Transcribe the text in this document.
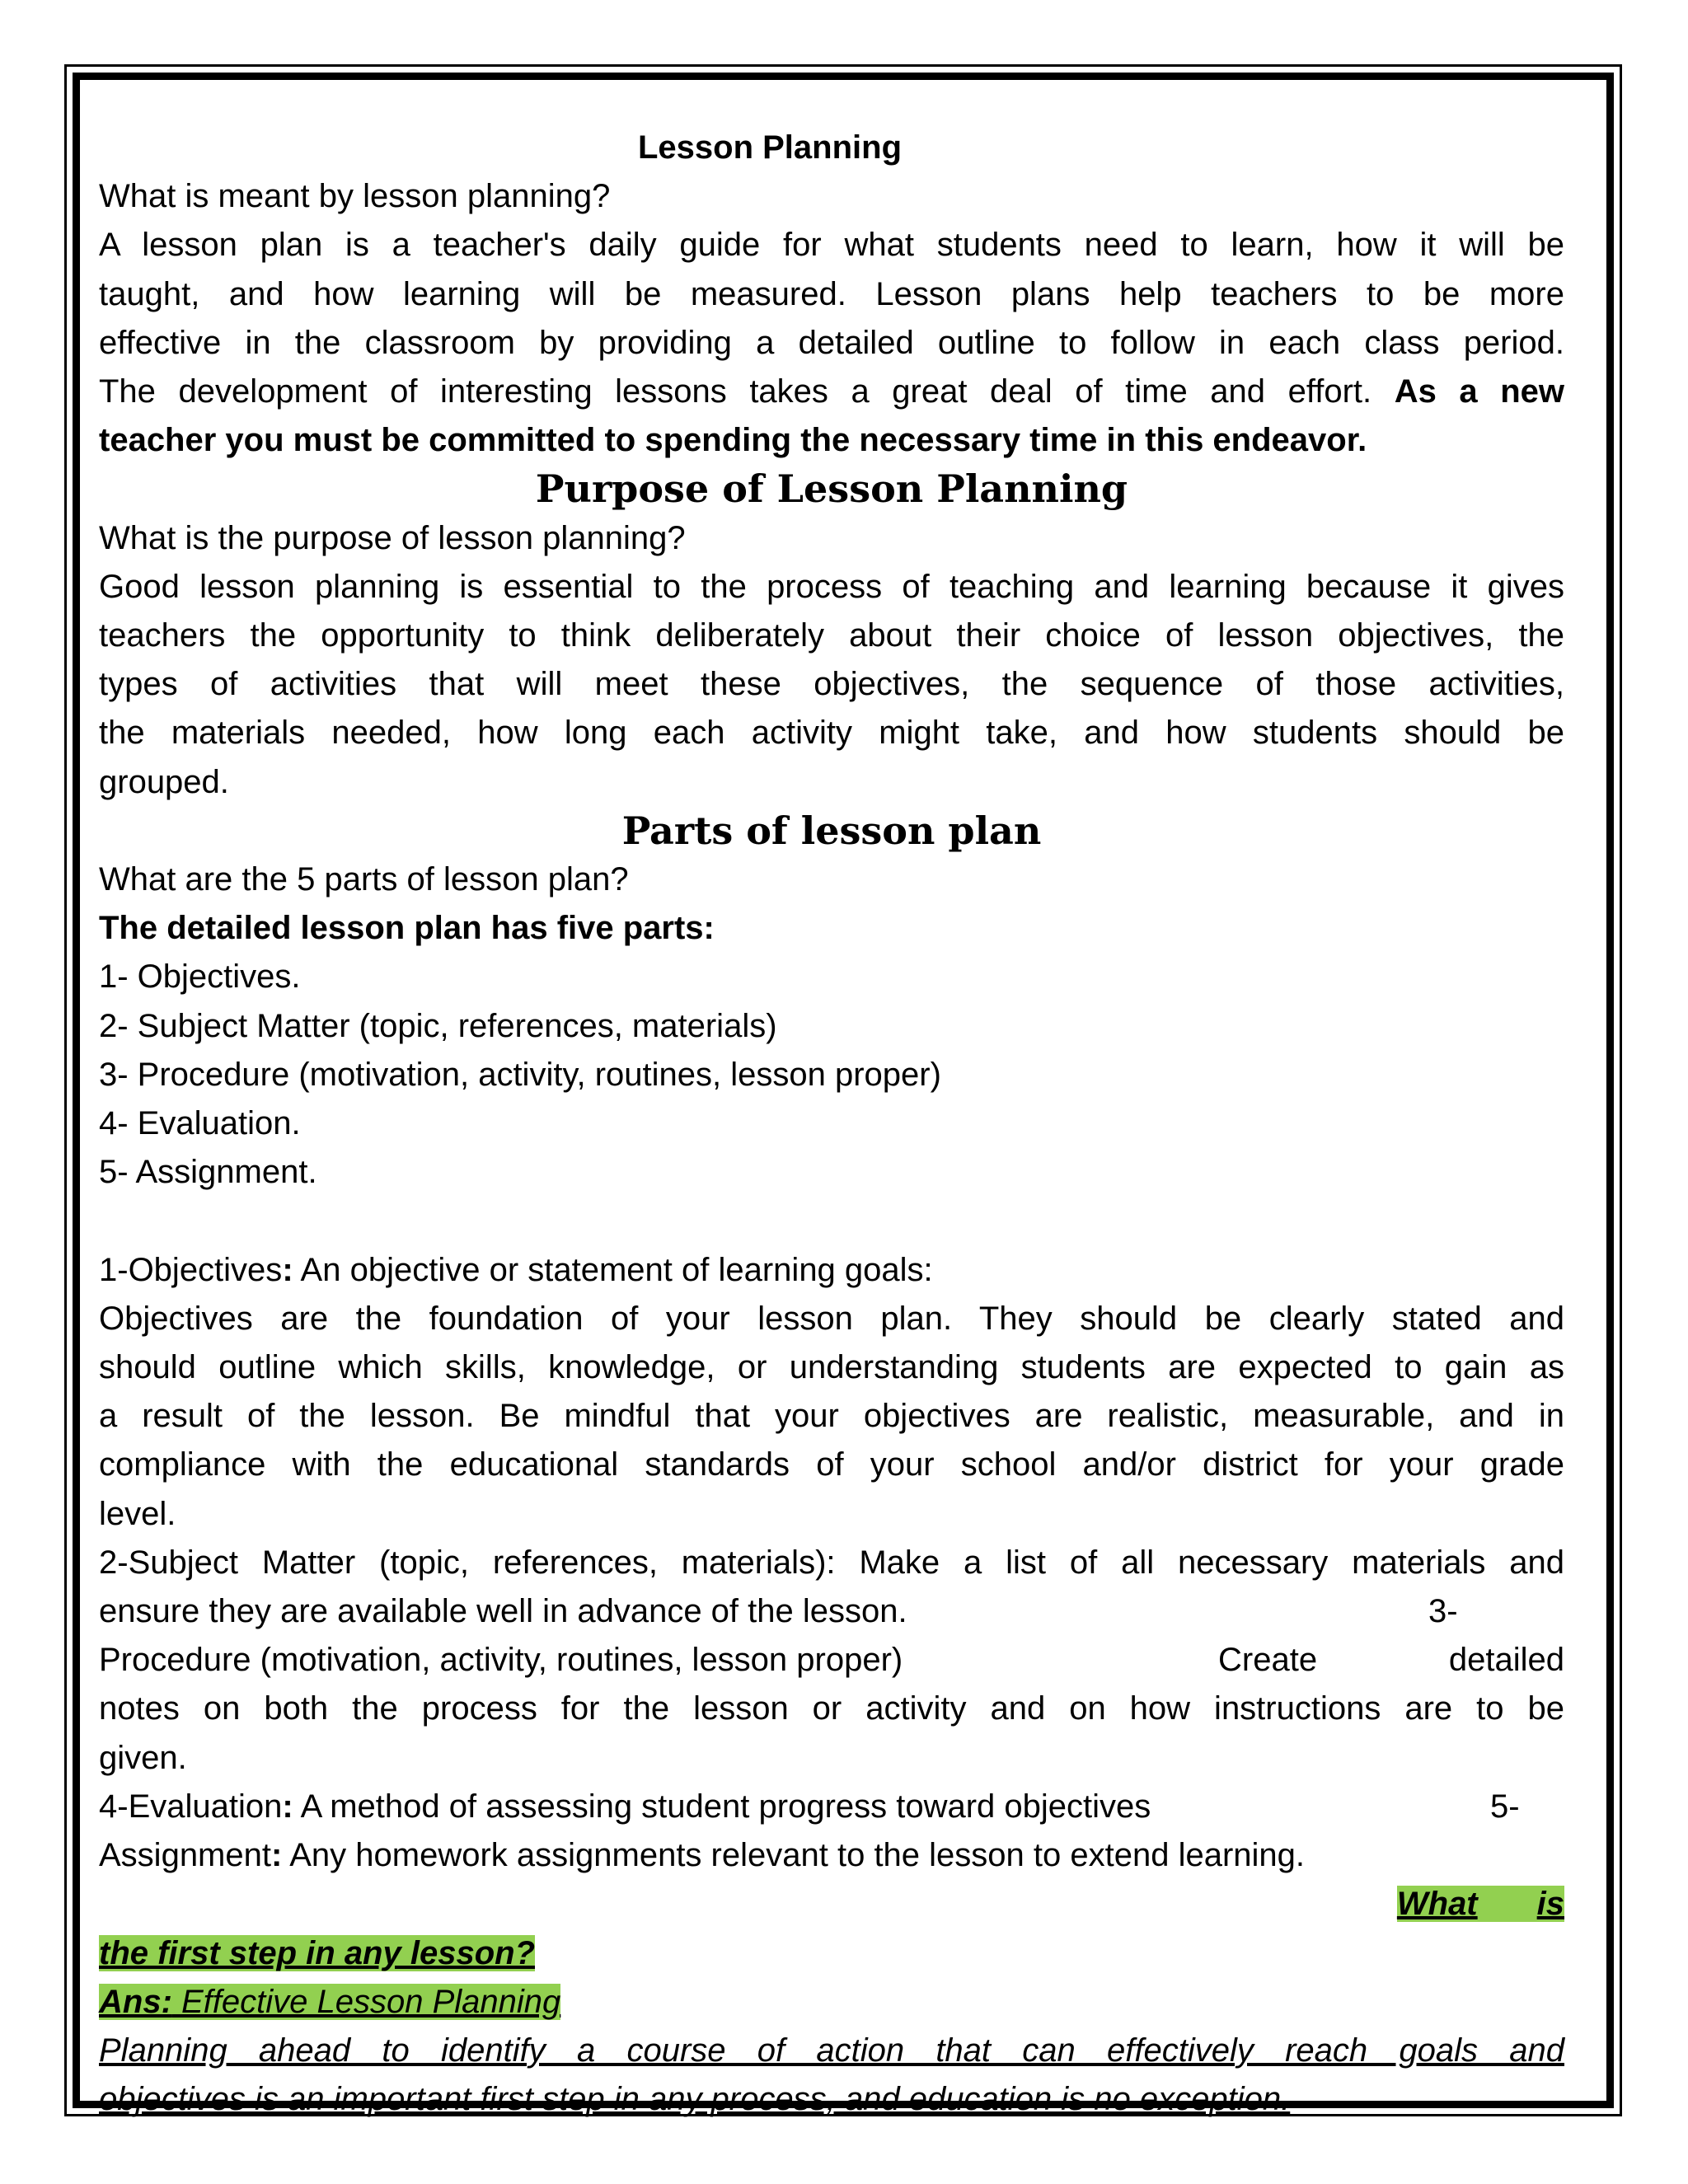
Lesson Planning
What is meant by lesson planning?
A lesson plan is a teacher's daily guide for what students need to learn, how it will be
taught, and how learning will be measured. Lesson plans help teachers to be more
effective in the classroom by providing a detailed outline to follow in each class period.
The development of interesting lessons takes a great deal of time and effort. As a new
teacher you must be committed to spending the necessary time in this endeavor.
Purpose of Lesson Planning
What is the purpose of lesson planning?
Good lesson planning is essential to the process of teaching and learning because it gives
teachers the opportunity to think deliberately about their choice of lesson objectives, the
types of activities that will meet these objectives, the sequence of those activities,
the materials needed, how long each activity might take, and how students should be
grouped.
Parts of lesson plan
What are the 5 parts of lesson plan?
The detailed lesson plan has five parts:
1- Objectives.
2- Subject Matter (topic, references, materials)
3- Procedure (motivation, activity, routines, lesson proper)
4- Evaluation.
5- Assignment.
1-Objectives: An objective or statement of learning goals:
Objectives are the foundation of your lesson plan. They should be clearly stated and
should outline which skills, knowledge, or understanding students are expected to gain as
a result of the lesson. Be mindful that your objectives are realistic, measurable, and in
compliance with the educational standards of your school and/or district for your grade
level.
2-Subject Matter (topic, references, materials): Make a list of all necessary materials and
ensure they are available well in advance of the lesson.	3-
Procedure (motivation, activity, routines, lesson proper)	Create	detailed
notes on both the process for the lesson or activity and on how instructions are to be
given.
4-Evaluation: A method of assessing student progress toward objectives	5-
Assignment: Any homework assignments relevant to the lesson to extend learning.
What is
the first step in any lesson?
Ans: Effective Lesson Planning
Planning ahead to identify a course of action that can effectively reach goals and
objectives is an important first step in any process, and education is no exception.
